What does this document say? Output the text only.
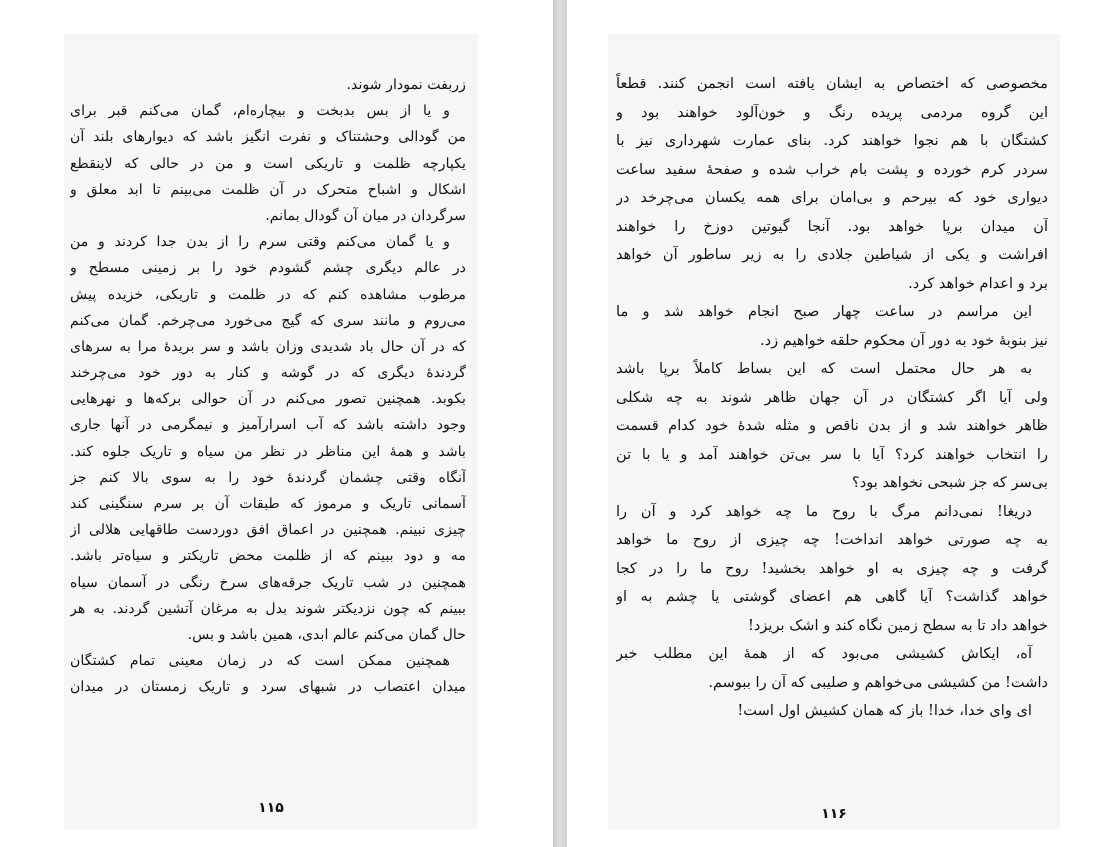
زربفت نمودار شوند.
و یا از بس بدبخت و بیچاره‌ام، گمان می‌کنم قبر برای
من گودالی وحشتناک و نفرت انگیز باشد که دیوارهای بلند آن
یکپارچه ظلمت و تاریکی است و من در حالی که لاینقطع
اشکال و اشباح متحرک در آن ظلمت می‌بینم تا ابد معلق و
سرگردان در میان آن گودال بمانم.
و یا گمان می‌کنم وقتی سرم را از بدن جدا کردند و من
در عالم دیگری چشم گشودم خود را بر زمینی مسطح و
مرطوب مشاهده کنم که در ظلمت و تاریکی، خزیده پیش
می‌روم و مانند سری که گیج می‌خورد می‌چرخم. گمان می‌کنم
که در آن حال باد شدیدی وزان باشد و سر بریدهٔ مرا به سرهای
گردندهٔ دیگری که در گوشه و کنار به دور خود می‌چرخند
بکوبد. همچنین تصور می‌کنم در آن حوالی برکه‌ها و نهرهایی
وجود داشته باشد که آب اسرارآمیز و نیمگرمی در آنها جاری
باشد و همهٔ این مناظر در نظر من سیاه و تاریک جلوه کند.
آنگاه وقتی چشمان گردندهٔ خود را به سوی بالا کنم جز
آسمانی تاریک و مرموز که طبقات آن بر سرم سنگینی کند
چیزی نبینم. همچنین در اعماق افق دوردست طاقهایی هلالی از
مه و دود ببینم که از ظلمت محض تاریکتر و سیاه‌تر باشد.
همچنین در شب تاریک جرقه‌های سرخ رنگی در آسمان سیاه
ببینم که چون نزدیکتر شوند بدل به مرغان آتشین گردند. به هر
حال گمان می‌کنم عالم ابدی، همین باشد و بس.
همچنین ممکن است که در زمان معینی تمام کشتگان
میدان اعتصاب در شبهای سرد و تاریک زمستان در میدان
۱۱۵
مخصوصی که اختصاص به ایشان یافته است انجمن کنند. قطعاً
این گروه مردمی پریده رنگ و خون‌آلود خواهند بود و
کشتگان با هم نجوا خواهند کرد. بنای عمارت شهرداری نیز با
سردر کرم خورده و پشت بام خراب شده و صفحهٔ سفید ساعت
دیواری خود که بیرحم و بی‌امان برای همه یکسان می‌چرخد در
آن میدان برپا خواهد بود. آنجا گیوتین دوزخ را خواهند
افراشت و یکی از شیاطین جلادی را به زیر ساطور آن خواهد
برد و اعدام خواهد کرد.
این مراسم در ساعت چهار صبح انجام خواهد شد و ما
نیز بنوبهٔ خود به دور آن محکوم حلقه خواهیم زد.
به هر حال محتمل است که این بساط کاملاً برپا باشد
ولی آیا اگر کشتگان در آن جهان ظاهر شوند به چه شکلی
ظاهر خواهند شد و از بدن ناقص و مثله شدهٔ خود کدام قسمت
را انتخاب خواهند کرد؟ آیا با سر بی‌تن خواهند آمد و یا با تن
بی‌سر که جز شبحی نخواهد بود؟
دریغا! نمی‌دانم مرگ با روح ما چه خواهد کرد و آن را
به چه صورتی خواهد انداخت! چه چیزی از روح ما خواهد
گرفت و چه چیزی به او خواهد بخشید! روح ما را در کجا
خواهد گذاشت؟ آیا گاهی هم اعضای گوشتی یا چشم به او
خواهد داد تا به سطح زمین نگاه کند و اشک بریزد!
آه، ایکاش کشیشی می‌بود که از همهٔ این مطلب خبر
داشت! من کشیشی می‌خواهم و صلیبی که آن را ببوسم.
ای وای خدا، خدا! باز که همان کشیش اول است!
۱۱۶
